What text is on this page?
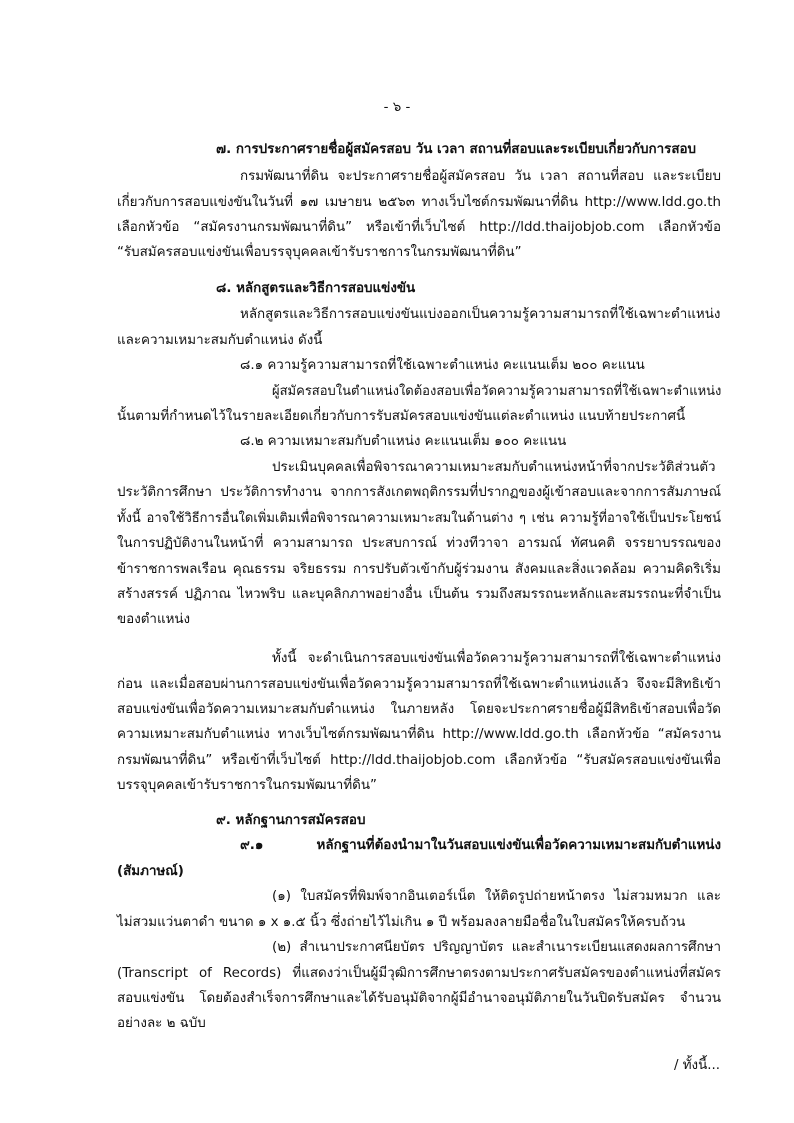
- ๖ -
๗. การประกาศรายชื่อผู้สมัครสอบ วัน เวลา สถานที่สอบและระเบียบเกี่ยวกับการสอบ
กรมพัฒนาที่ดิน จะประกาศรายชื่อผู้สมัครสอบ วัน เวลา สถานที่สอบ และระเบียบ
เกี่ยวกับการสอบแข่งขันในวันที่ ๑๗ เมษายน ๒๕๖๓ ทางเว็บไซต์กรมพัฒนาที่ดิน http://www.ldd.go.th
เลือกหัวข้อ “สมัครงานกรมพัฒนาที่ดิน” หรือเข้าที่เว็บไซต์ http://ldd.thaijobjob.com เลือกหัวข้อ
“รับสมัครสอบแข่งขันเพื่อบรรจุบุคคลเข้ารับราชการในกรมพัฒนาที่ดิน”
๘. หลักสูตรและวิธีการสอบแข่งขัน
หลักสูตรและวิธีการสอบแข่งขันแบ่งออกเป็นความรู้ความสามารถที่ใช้เฉพาะตำแหน่ง
และความเหมาะสมกับตำแหน่ง ดังนี้
๘.๑ ความรู้ความสามารถที่ใช้เฉพาะตำแหน่ง คะแนนเต็ม ๒๐๐ คะแนน
ผู้สมัครสอบในตำแหน่งใดต้องสอบเพื่อวัดความรู้ความสามารถที่ใช้เฉพาะตำแหน่ง
นั้นตามที่กำหนดไว้ในรายละเอียดเกี่ยวกับการรับสมัครสอบแข่งขันแต่ละตำแหน่ง แนบท้ายประกาศนี้
๘.๒ ความเหมาะสมกับตำแหน่ง คะแนนเต็ม ๑๐๐ คะแนน
ประเมินบุคคลเพื่อพิจารณาความเหมาะสมกับตำแหน่งหน้าที่จากประวัติส่วนตัว
ประวัติการศึกษา ประวัติการทำงาน จากการสังเกตพฤติกรรมที่ปรากฏของผู้เข้าสอบและจากการสัมภาษณ์
ทั้งนี้ อาจใช้วิธีการอื่นใดเพิ่มเติมเพื่อพิจารณาความเหมาะสมในด้านต่าง ๆ เช่น ความรู้ที่อาจใช้เป็นประโยชน์
ในการปฏิบัติงานในหน้าที่ ความสามารถ ประสบการณ์ ท่วงทีวาจา อารมณ์ ทัศนคติ จรรยาบรรณของ
ข้าราชการพลเรือน คุณธรรม จริยธรรม การปรับตัวเข้ากับผู้ร่วมงาน สังคมและสิ่งแวดล้อม ความคิดริเริ่ม
สร้างสรรค์ ปฏิภาณ ไหวพริบ และบุคลิกภาพอย่างอื่น เป็นต้น รวมถึงสมรรถนะหลักและสมรรถนะที่จำเป็น
ของตำแหน่ง
ทั้งนี้ จะดำเนินการสอบแข่งขันเพื่อวัดความรู้ความสามารถที่ใช้เฉพาะตำแหน่ง
ก่อน และเมื่อสอบผ่านการสอบแข่งขันเพื่อวัดความรู้ความสามารถที่ใช้เฉพาะตำแหน่งแล้ว จึงจะมีสิทธิเข้า
สอบแข่งขันเพื่อวัดความเหมาะสมกับตำแหน่ง ในภายหลัง โดยจะประกาศรายชื่อผู้มีสิทธิเข้าสอบเพื่อวัด
ความเหมาะสมกับตำแหน่ง ทางเว็บไซต์กรมพัฒนาที่ดิน http://www.ldd.go.th เลือกหัวข้อ “สมัครงาน
กรมพัฒนาที่ดิน” หรือเข้าที่เว็บไซต์ http://ldd.thaijobjob.com เลือกหัวข้อ “รับสมัครสอบแข่งขันเพื่อ
บรรจุบุคคลเข้ารับราชการในกรมพัฒนาที่ดิน”
๙. หลักฐานการสมัครสอบ
๙.๑ หลักฐานที่ต้องนำมาในวันสอบแข่งขันเพื่อวัดความเหมาะสมกับตำแหน่ง
(สัมภาษณ์)
(๑) ใบสมัครที่พิมพ์จากอินเตอร์เน็ต ให้ติดรูปถ่ายหน้าตรง ไม่สวมหมวก และ
ไม่สวมแว่นตาดำ ขนาด ๑ x ๑.๕ นิ้ว ซึ่งถ่ายไว้ไม่เกิน ๑ ปี พร้อมลงลายมือชื่อในใบสมัครให้ครบถ้วน
(๒) สำเนาประกาศนียบัตร ปริญญาบัตร และสำเนาระเบียนแสดงผลการศึกษา
(Transcript of Records) ที่แสดงว่าเป็นผู้มีวุฒิการศึกษาตรงตามประกาศรับสมัครของตำแหน่งที่สมัคร
สอบแข่งขัน โดยต้องสำเร็จการศึกษาและได้รับอนุมัติจากผู้มีอำนาจอนุมัติภายในวันปิดรับสมัคร จำนวน
อย่างละ ๒ ฉบับ
/ ทั้งนี้...
